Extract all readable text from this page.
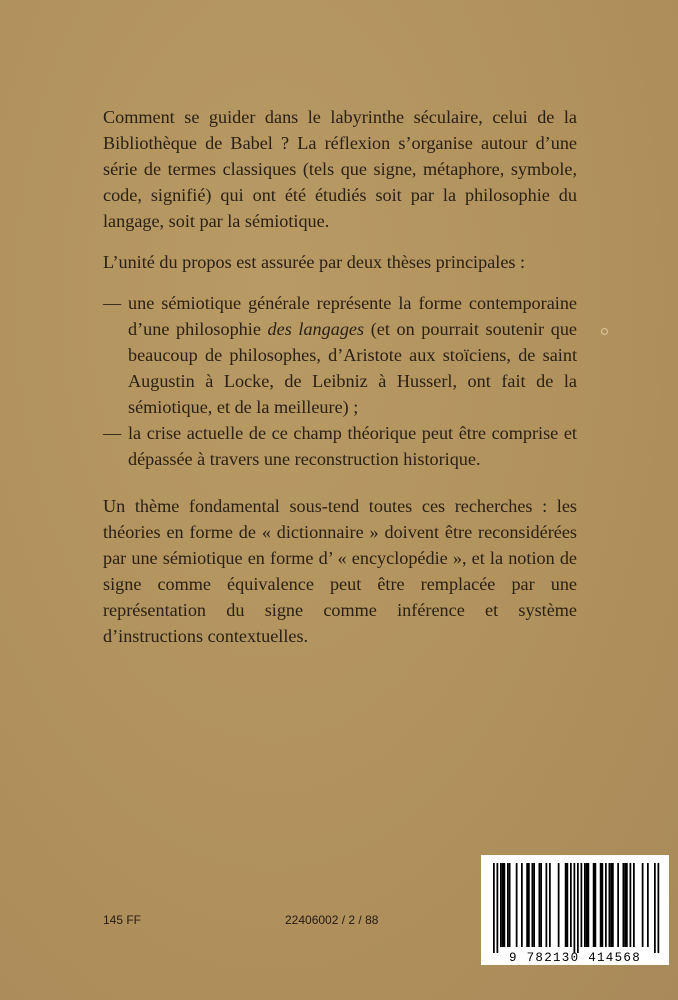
Comment se guider dans le labyrinthe séculaire, celui de la Bibliothèque de Babel ? La réflexion s’organise autour d’une série de termes classiques (tels que signe, métaphore, symbole, code, signifié) qui ont été étudiés soit par la philosophie du langage, soit par la sémiotique.

L’unité du propos est assurée par deux thèses principales :

— une sémiotique générale représente la forme contemporaine d’une philosophie des langages (et on pourrait soutenir que beaucoup de philosophes, d’Aristote aux stoïciens, de saint Augustin à Locke, de Leibniz à Husserl, ont fait de la sémiotique, et de la meilleure) ;
— la crise actuelle de ce champ théorique peut être comprise et dépassée à travers une reconstruction historique.

Un thème fondamental sous-tend toutes ces recherches : les théories en forme de « dictionnaire » doivent être reconsidérées par une sémiotique en forme d’ « encyclopédie », et la notion de signe comme équivalence peut être remplacée par une représentation du signe comme inférence et système d’instructions contextuelles.

145 FF	22406002 / 2 / 88
9 782130 414568
